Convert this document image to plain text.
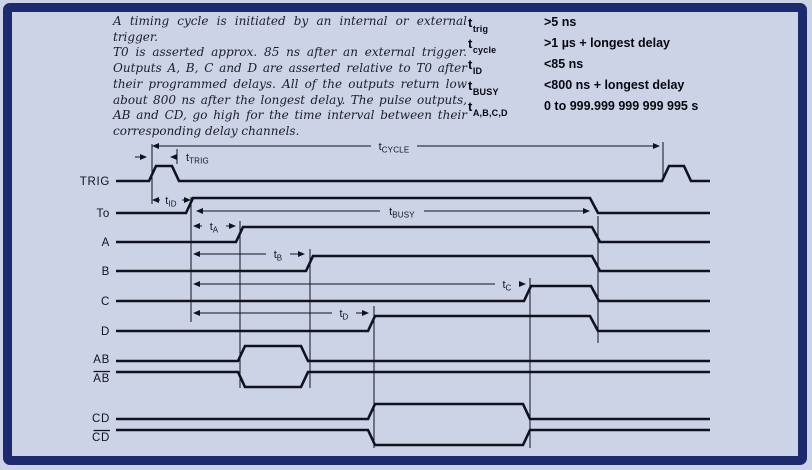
A timing cycle is initiated by an internal or external trigger.
T0 is asserted approx. 85 ns after an external trigger.
Outputs A, B, C and D are asserted relative to T0 after
their programmed delays. All of the outputs return low
about 800 ns after the longest delay. The pulse outputs,
AB and CD, go high for the time interval between their
corresponding delay channels.
$t_{trig}$	>5 ns
$t_{cycle}$	>1 µs + longest delay
$t_{ID}$	<85 ns
$t_{BUSY}$	<800 ns + longest delay
$t_{A,B,C,D}$	0 to 999.999 999 999 995 s
$t_{CYCLE}$
$t_{ID}$
$t_{BUSY}$
$t_A$
$t_B$
$t_C$
$t_D$
$t_{TRIG}$
TRIG
To
A
B
C
D
AB
AB
CD
CD
